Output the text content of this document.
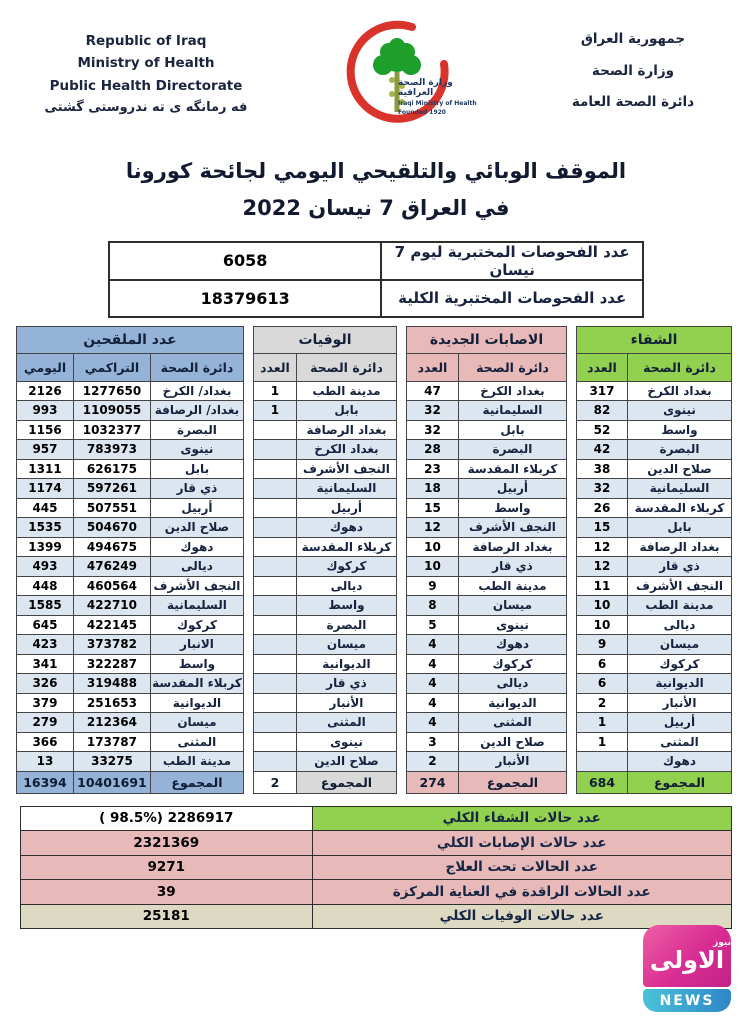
Republic of Iraq
Ministry of Health
Public Health Directorate
فه رمانگه ى ته ندروستى گشتى
وزارة الصحة العراقية
Iraqi Ministry of Health
Founded 1920
جمهورية العراق
وزارة الصحة
دائرة الصحة العامة
الموقف الوبائي والتلقيحي اليومي لجائحة كورونا
في العراق 7 نيسان 2022
عدد الفحوصات المختبرية ليوم 7 نيسان	6058
عدد الفحوصات المختبرية الكلية	18379613
الشفاء	
دائرة الصحة	العدد
بغداد الكرخ	317
نينوى	82
واسط	52
البصرة	42
صلاح الدين	38
السليمانية	32
كربلاء المقدسة	26
بابل	15
بغداد الرصافة	12
ذي قار	12
النجف الأشرف	11
مدينة الطب	10
ديالى	10
ميسان	9
كركوك	6
الديوانية	6
الأنبار	2
أربيل	1
المثنى	1
دهوك	
المجموع	684
الاصابات الجديدة	
دائرة الصحة	العدد
بغداد الكرخ	47
السليمانية	32
بابل	32
البصرة	28
كربلاء المقدسة	23
أربيل	18
واسط	15
النجف الأشرف	12
بغداد الرصافة	10
ذي قار	10
مدينة الطب	9
ميسان	8
نينوى	5
دهوك	4
كركوك	4
ديالى	4
الديوانية	4
المثنى	4
صلاح الدين	3
الأنبار	2
المجموع	274
الوفيات	
دائرة الصحة	العدد
مدينة الطب	1
بابل	1
بغداد الرصافة	
بغداد الكرخ	
النجف الأشرف	
السليمانية	
أربيل	
دهوك	
كربلاء المقدسة	
كركوك	
ديالى	
واسط	
البصرة	
ميسان	
الديوانية	
ذي قار	
الأنبار	
المثنى	
نينوى	
صلاح الدين	
المجموع	2
عدد الملقحين		
دائرة الصحة	التراكمي	اليومي
بغداد/ الكرخ	1277650	2126
بغداد/ الرصافة	1109055	993
البصرة	1032377	1156
نينوى	783973	957
بابل	626175	1311
ذي قار	597261	1174
أربيل	507551	445
صلاح الدين	504670	1535
دهوك	494675	1399
ديالى	476249	493
النجف الأشرف	460564	448
السليمانية	422710	1585
كركوك	422145	645
الانبار	373782	423
واسط	322287	341
كربلاء المقدسة	319488	326
الديوانية	251653	379
ميسان	212364	279
المثنى	173787	366
مدينة الطب	33275	13
المجموع	10401691	16394
عدد حالات الشفاء الكلي	( 98.5%) 2286917
عدد حالات الإصابات الكلي	2321369
عدد الحالات تحت العلاج	9271
عدد الحالات الراقدة في العناية المركزة	39
عدد حالات الوفيات الكلي	25181
نيوز
الاولى
NEWS
